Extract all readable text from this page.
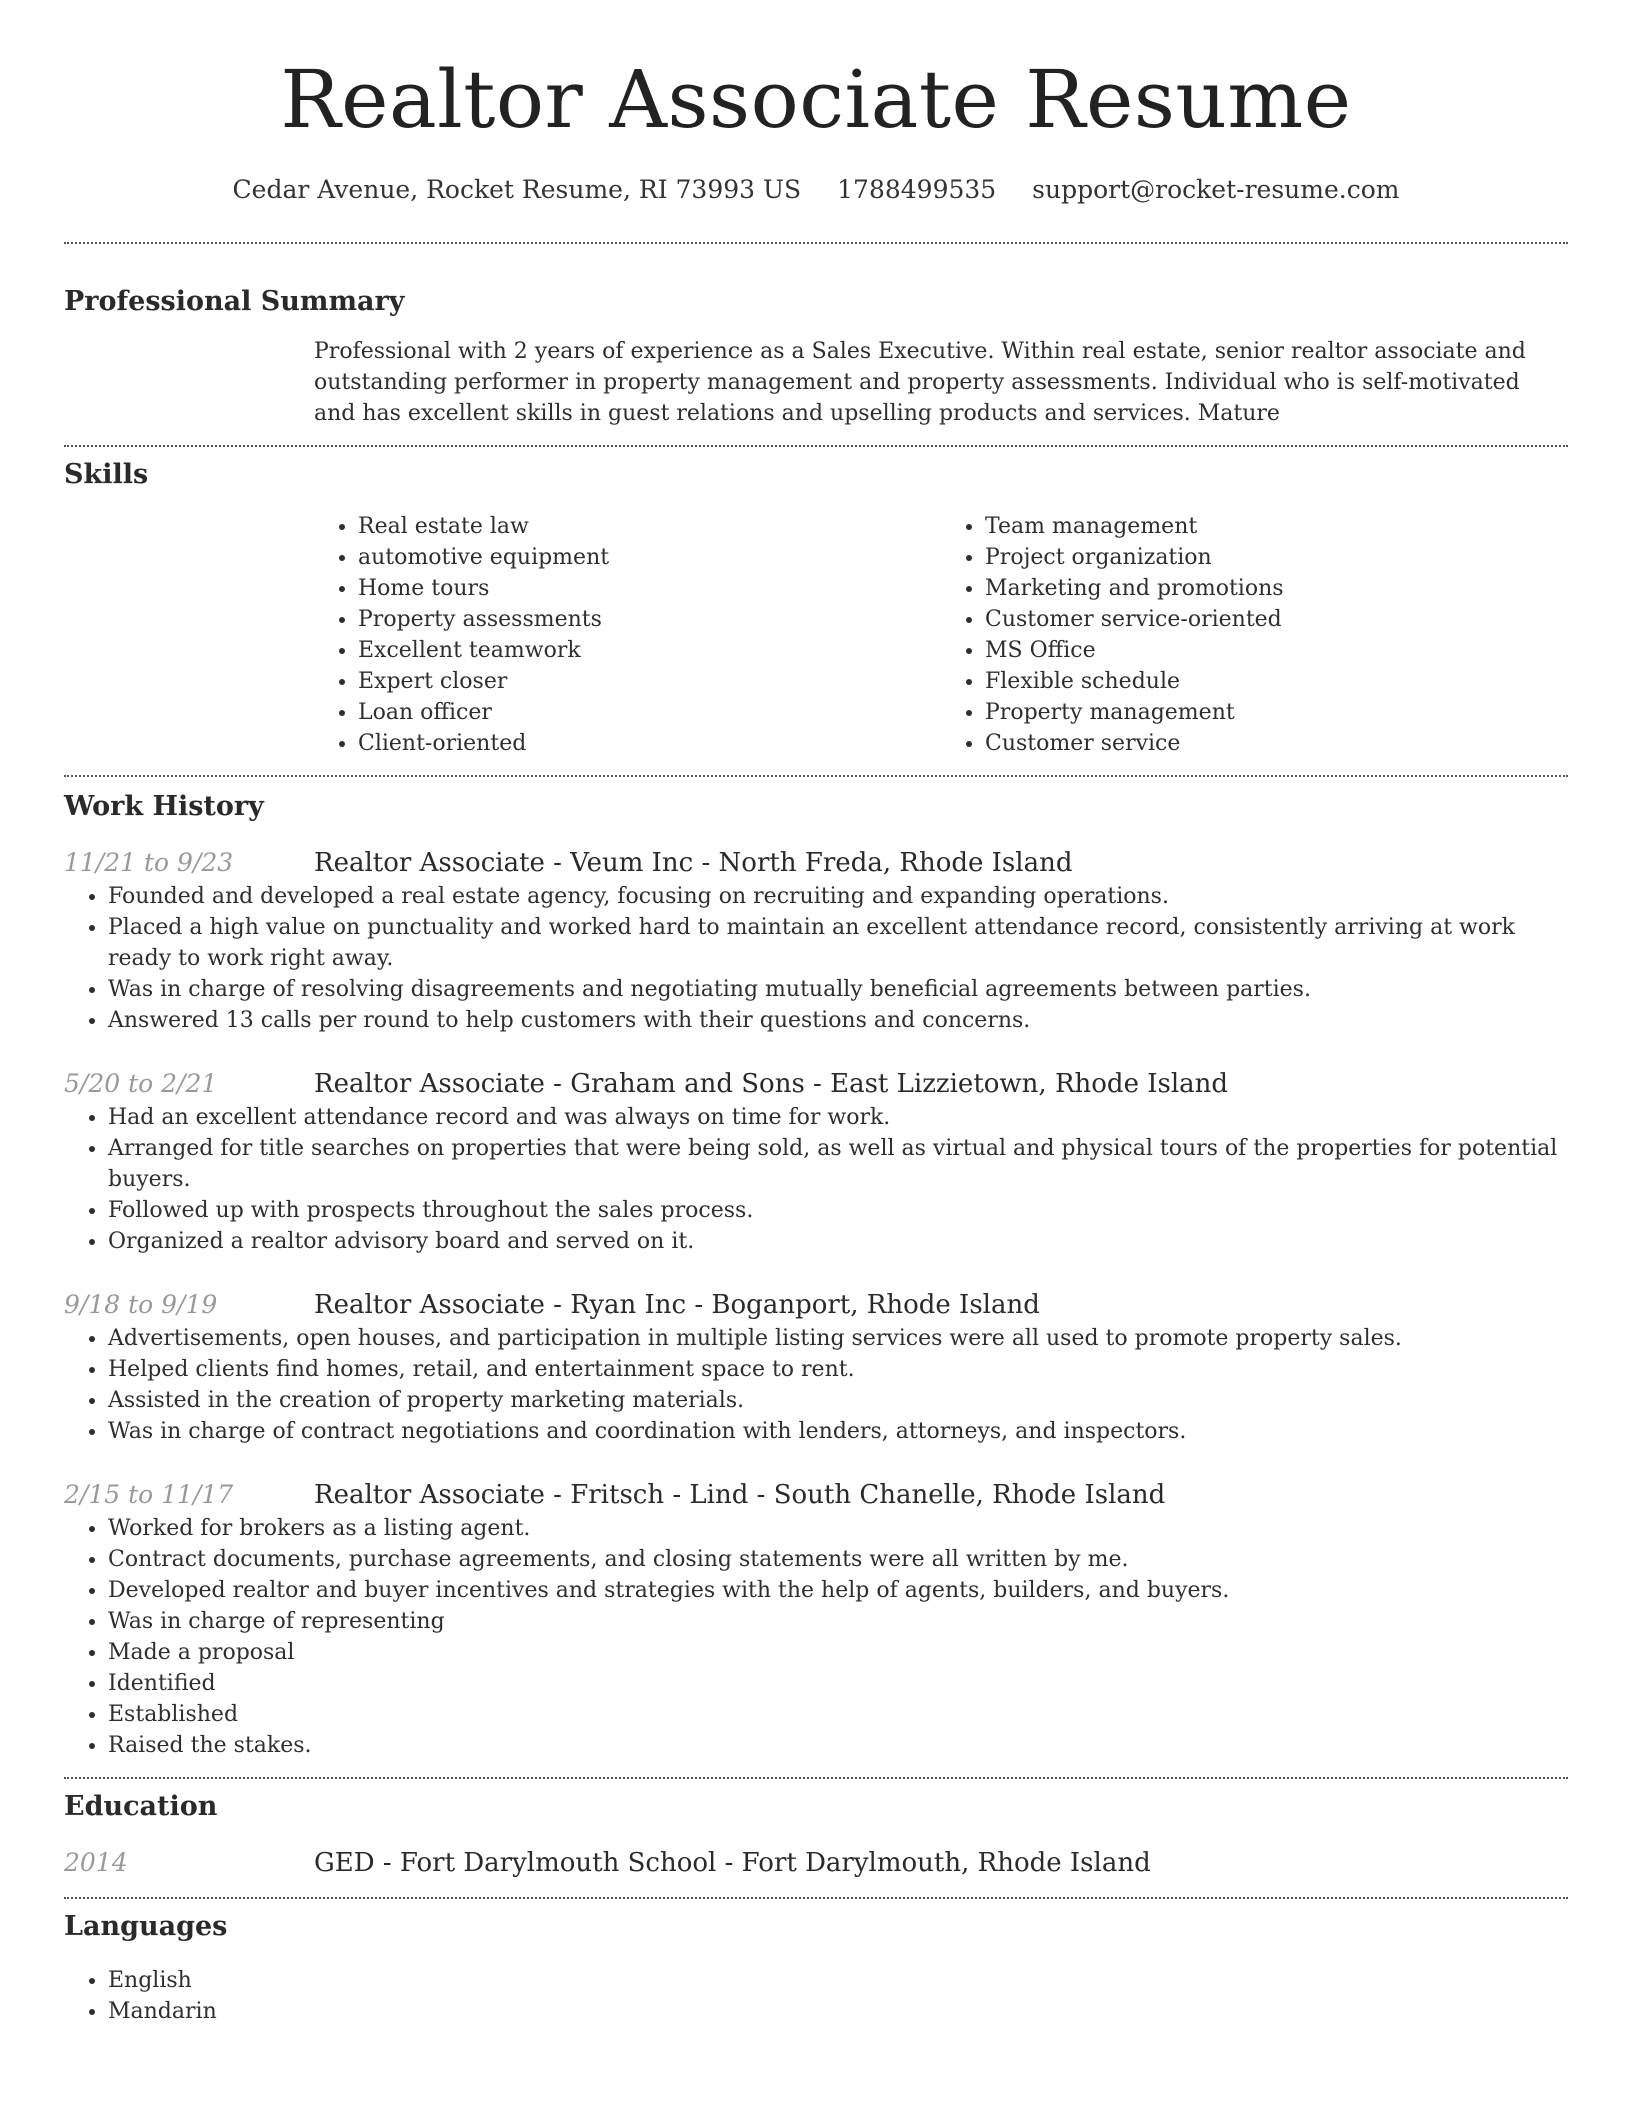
Realtor Associate Resume
Cedar Avenue, Rocket Resume, RI 73993 US 1788499535 support@rocket-resume.com
Professional Summary

Professional with 2 years of experience as a Sales Executive. Within real estate, senior realtor associate and outstanding performer in property management and property assessments. Individual who is self-motivated and has excellent skills in guest relations and upselling products and services. Mature

Skills
• Real estate law
• automotive equipment
• Home tours
• Property assessments
• Excellent teamwork
• Expert closer
• Loan officer
• Client-oriented
• Team management
• Project organization
• Marketing and promotions
• Customer service-oriented
• MS Office
• Flexible schedule
• Property management
• Customer service
Work History
11/21 to 9/23	Realtor Associate - Veum Inc - North Freda, Rhode Island
• Founded and developed a real estate agency, focusing on recruiting and expanding operations.
• Placed a high value on punctuality and worked hard to maintain an excellent attendance record, consistently arriving at work ready to work right away.
• Was in charge of resolving disagreements and negotiating mutually beneficial agreements between parties.
• Answered 13 calls per round to help customers with their questions and concerns.
5/20 to 2/21	Realtor Associate - Graham and Sons - East Lizzietown, Rhode Island
• Had an excellent attendance record and was always on time for work.
• Arranged for title searches on properties that were being sold, as well as virtual and physical tours of the properties for potential buyers.
• Followed up with prospects throughout the sales process.
• Organized a realtor advisory board and served on it.
9/18 to 9/19	Realtor Associate - Ryan Inc - Boganport, Rhode Island
• Advertisements, open houses, and participation in multiple listing services were all used to promote property sales.
• Helped clients find homes, retail, and entertainment space to rent.
• Assisted in the creation of property marketing materials.
• Was in charge of contract negotiations and coordination with lenders, attorneys, and inspectors.
2/15 to 11/17	Realtor Associate - Fritsch - Lind - South Chanelle, Rhode Island
• Worked for brokers as a listing agent.
• Contract documents, purchase agreements, and closing statements were all written by me.
• Developed realtor and buyer incentives and strategies with the help of agents, builders, and buyers.
• Was in charge of representing
• Made a proposal
• Identified
• Established
• Raised the stakes.
Education
2014	GED - Fort Darylmouth School - Fort Darylmouth, Rhode Island
Languages
• English
• Mandarin
